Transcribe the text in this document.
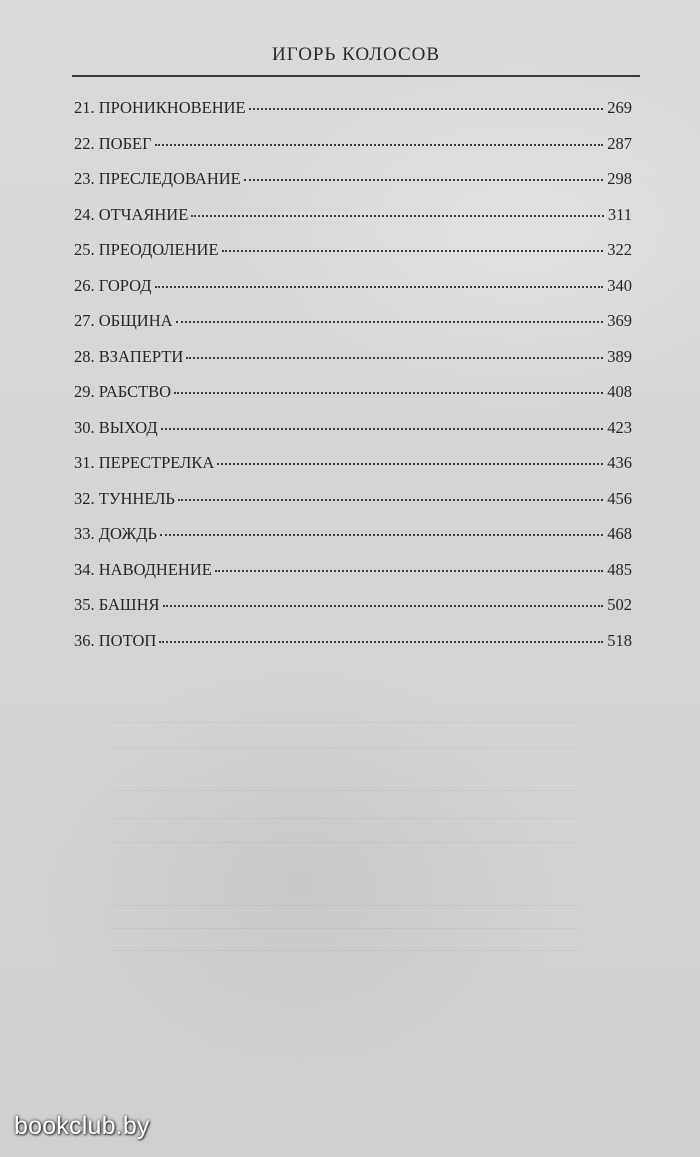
ИГОРЬ КОЛОСОВ
21. ПРОНИКНОВЕНИЕ	269
22. ПОБЕГ	287
23. ПРЕСЛЕДОВАНИЕ	298
24. ОТЧАЯНИЕ	311
25. ПРЕОДОЛЕНИЕ	322
26. ГОРОД	340
27. ОБЩИНА	369
28. ВЗАПЕРТИ	389
29. РАБСТВО	408
30. ВЫХОД	423
31. ПЕРЕСТРЕЛКА	436
32. ТУННЕЛЬ	456
33. ДОЖДЬ	468
34. НАВОДНЕНИЕ	485
35. БАШНЯ	502
36. ПОТОП	518
bookclub.by
